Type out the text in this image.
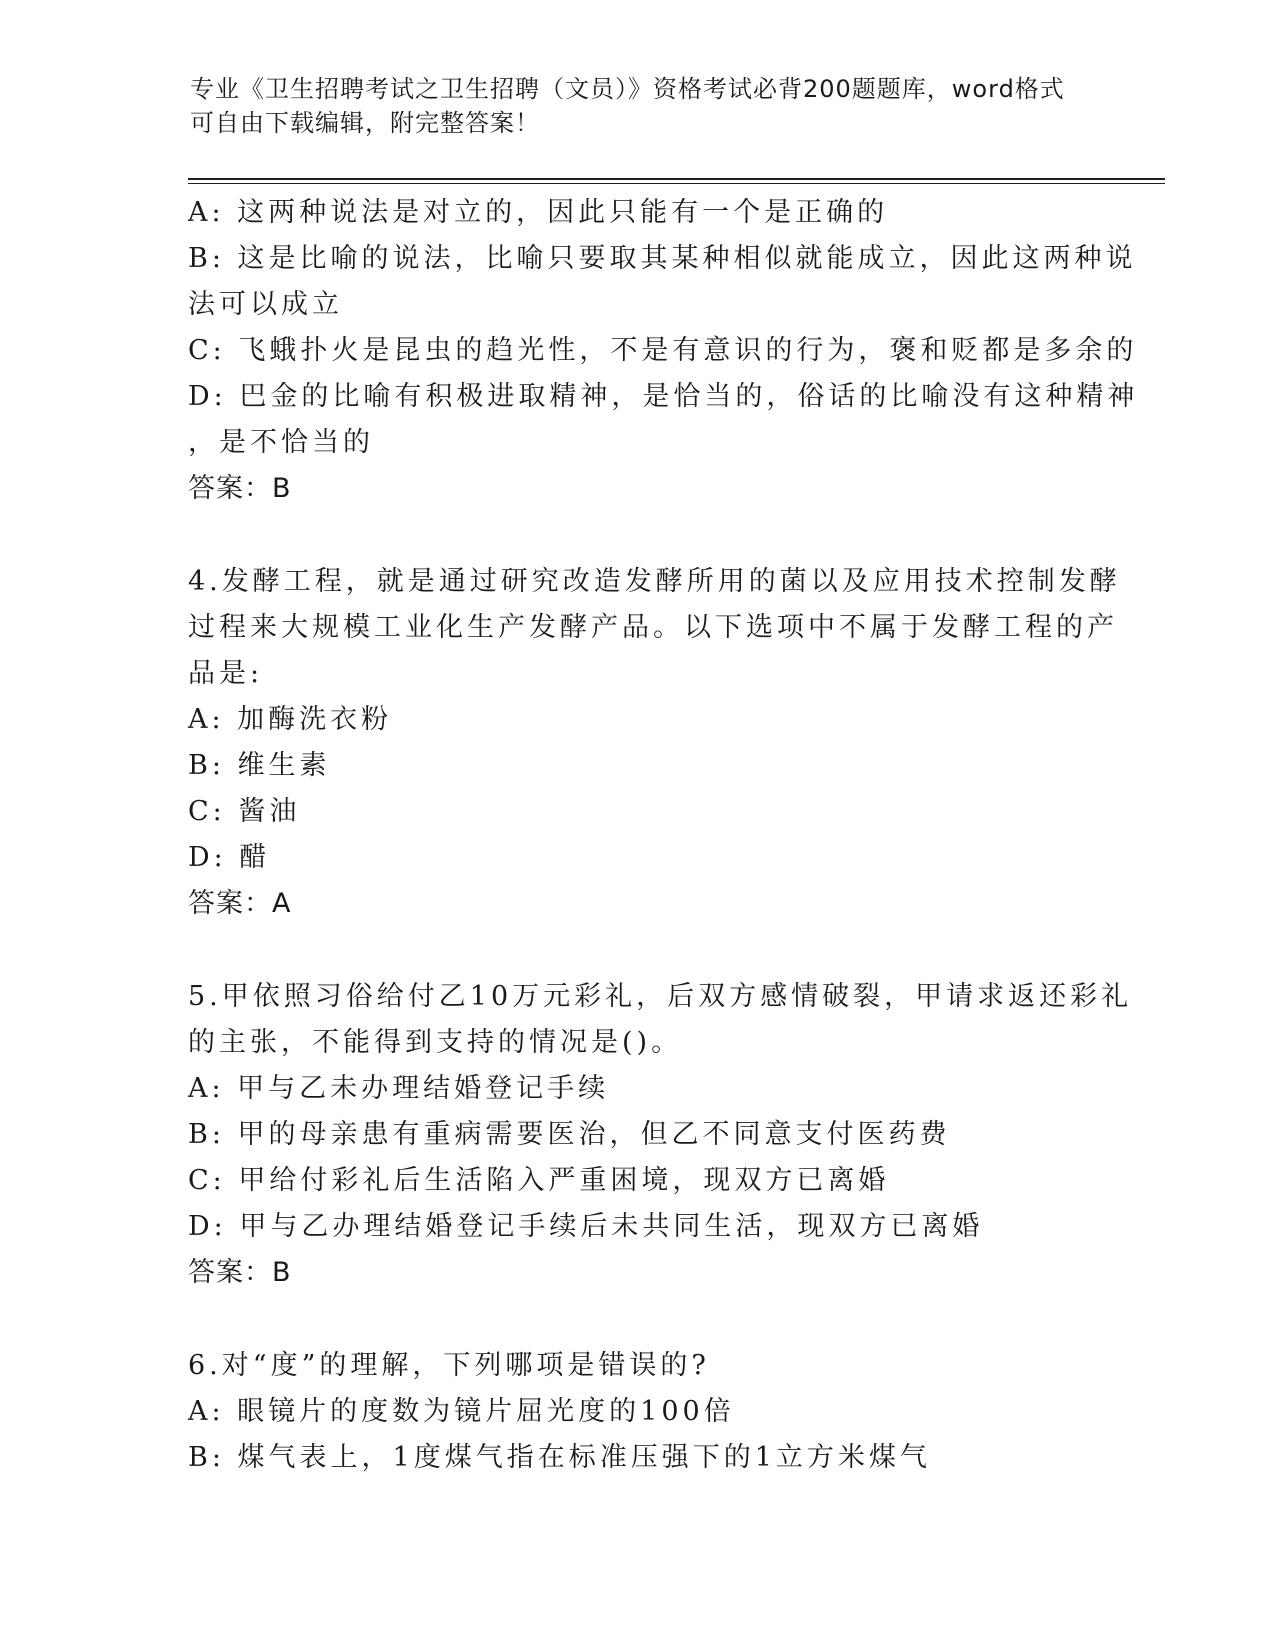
专业《卫生招聘考试之卫生招聘（文员）》资格考试必背200题题库，word格式
可自由下载编辑，附完整答案！
A: 这两种说法是对立的，因此只能有一个是正确的
B: 这是比喻的说法，比喻只要取其某种相似就能成立，因此这两种说
法可以成立
C: 飞蛾扑火是昆虫的趋光性，不是有意识的行为，褒和贬都是多余的
D: 巴金的比喻有积极进取精神，是恰当的，俗话的比喻没有这种精神
，是不恰当的
答案：B
4.发酵工程，就是通过研究改造发酵所用的菌以及应用技术控制发酵
过程来大规模工业化生产发酵产品。以下选项中不属于发酵工程的产
品是:
A: 加酶洗衣粉
B: 维生素
C: 酱油
D: 醋
答案：A
5.甲依照习俗给付乙10万元彩礼，后双方感情破裂，甲请求返还彩礼
的主张，不能得到支持的情况是()。
A: 甲与乙未办理结婚登记手续
B: 甲的母亲患有重病需要医治，但乙不同意支付医药费
C: 甲给付彩礼后生活陷入严重困境，现双方已离婚
D: 甲与乙办理结婚登记手续后未共同生活，现双方已离婚
答案：B
6.对“度”的理解，下列哪项是错误的?
A: 眼镜片的度数为镜片屈光度的100倍
B: 煤气表上，1度煤气指在标准压强下的1立方米煤气
